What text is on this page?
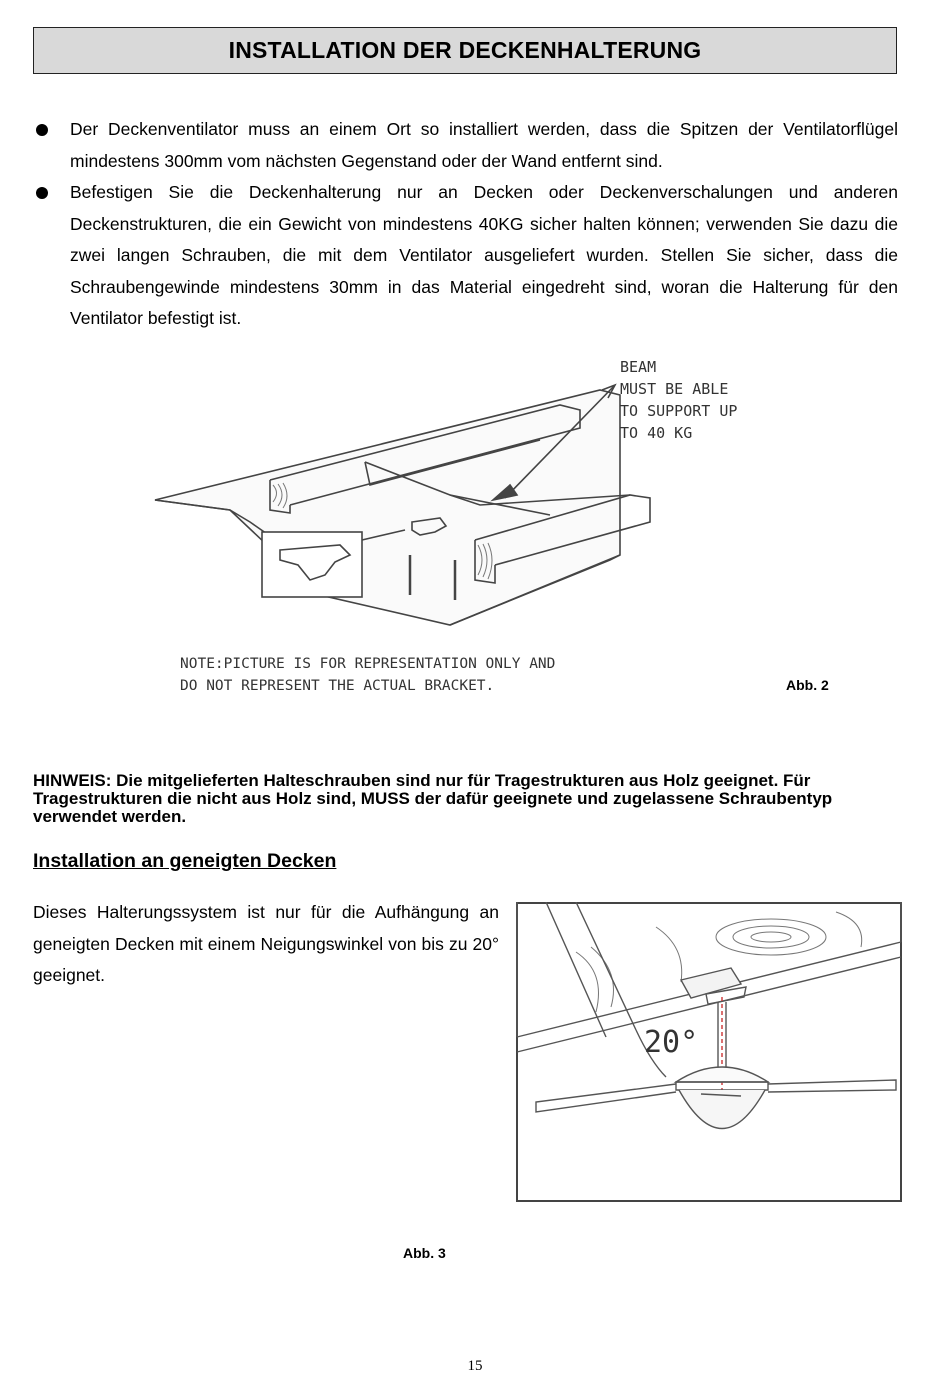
INSTALLATION DER DECKENHALTERUNG
Der Deckenventilator muss an einem Ort so installiert werden, dass die Spitzen der Ventilatorflügel mindestens 300mm vom nächsten Gegenstand oder der Wand entfernt sind.
Befestigen Sie die Deckenhalterung nur an Decken oder Deckenverschalungen und anderen Deckenstrukturen, die ein Gewicht von mindestens 40KG sicher halten können; verwenden Sie dazu die zwei langen Schrauben, die mit dem Ventilator ausgeliefert wurden. Stellen Sie sicher, dass die Schraubengewinde mindestens 30mm in das Material eingedreht sind, woran die Halterung für den Ventilator befestigt ist.
BEAM
MUST BE ABLE
TO SUPPORT UP
TO 40 KG
NOTE:PICTURE IS FOR REPRESENTATION ONLY AND
DO NOT REPRESENT THE ACTUAL BRACKET.	Abb. 2
HINWEIS: Die mitgelieferten Halteschrauben sind nur für Tragestrukturen aus Holz geeignet. Für Tragestrukturen die nicht aus Holz sind, MUSS der dafür geeignete und zugelassene Schraubentyp verwendet werden.
Installation an geneigten Decken

Dieses Halterungssystem ist nur für die Aufhängung an geneigten Decken mit einem Neigungswinkel von bis zu 20° geeignet.

20°
Abb. 3
15
